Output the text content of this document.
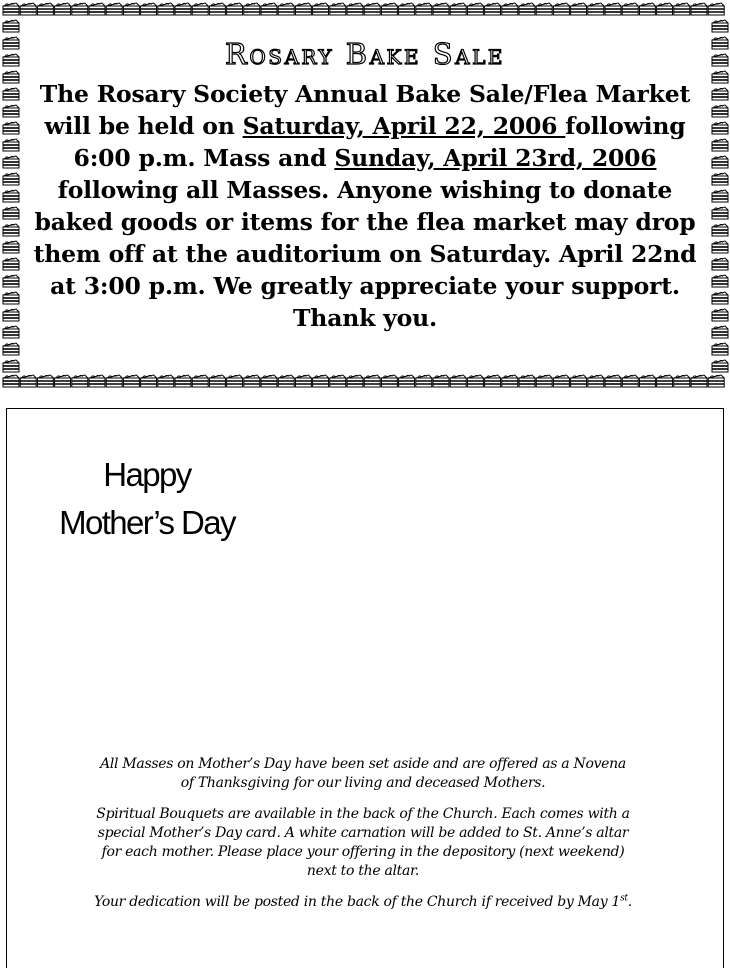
Rosary Bake Sale

The Rosary Society Annual Bake Sale/Flea Market will be held on Saturday, April 22, 2006 following 6:00 p.m. Mass and Sunday, April 23rd, 2006 following all Masses. Anyone wishing to donate baked goods or items for the flea market may drop them off at the auditorium on Saturday. April 22nd at 3:00 p.m. We greatly appreciate your support. Thank you.

Happy
Mother’s Day

All Masses on Mother’s Day have been set aside and are offered as a Novena of Thanksgiving for our living and deceased Mothers.

Spiritual Bouquets are available in the back of the Church. Each comes with a special Mother’s Day card. A white carnation will be added to St. Anne’s altar for each mother. Please place your offering in the depository (next weekend) next to the altar.

Your dedication will be posted in the back of the Church if received by May 1st.
